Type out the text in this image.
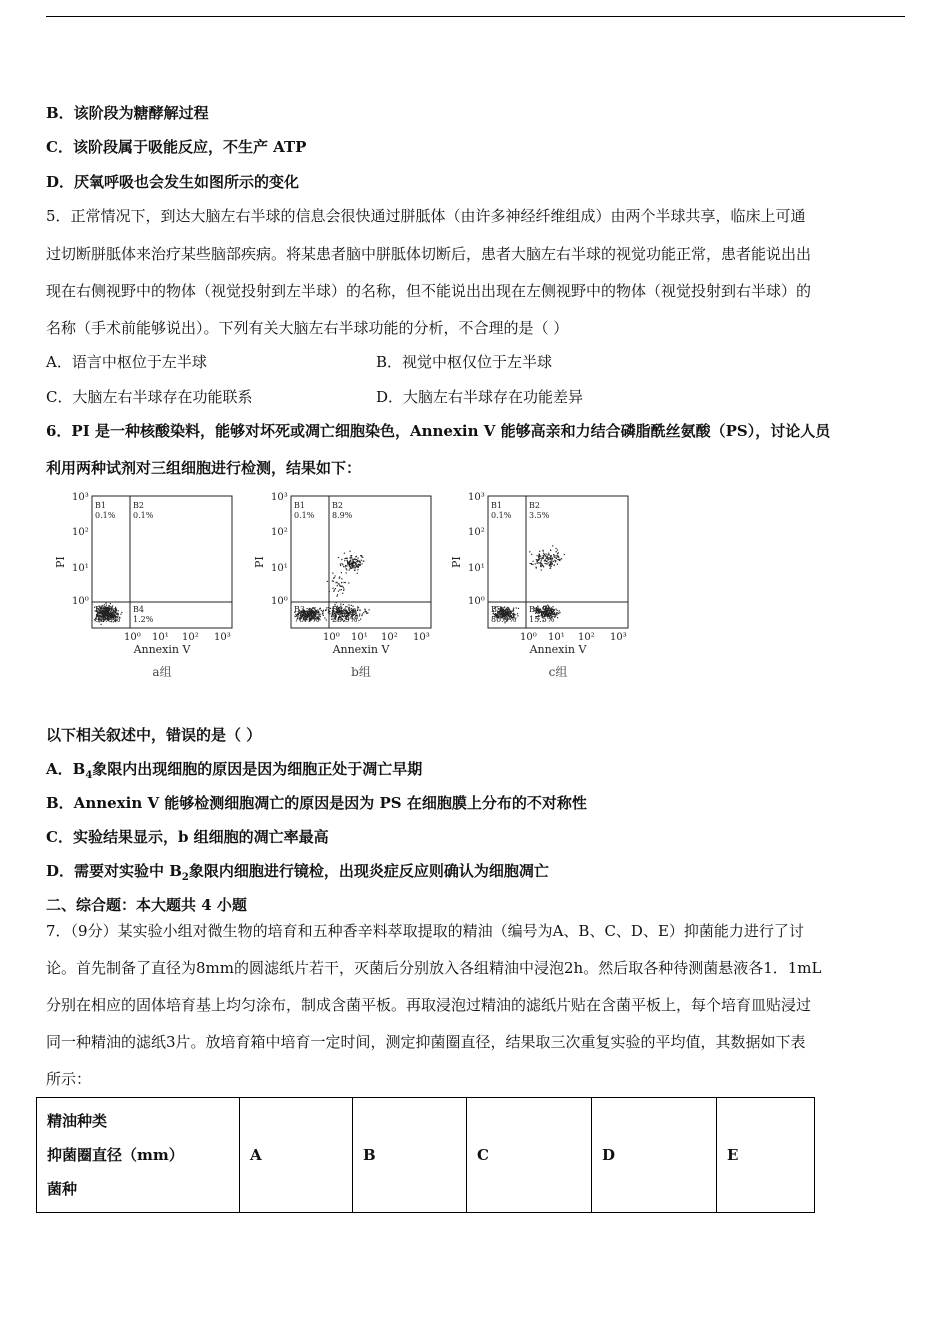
B．该阶段为糖酵解过程
C．该阶段属于吸能反应，不生产 ATP
D．厌氧呼吸也会发生如图所示的变化
5．正常情况下，到达大脑左右半球的信息会很快通过胼胝体（由许多神经纤维组成）由两个半球共享，临床上可通
过切断胼胝体来治疗某些脑部疾病。将某患者脑中胼胝体切断后，患者大脑左右半球的视觉功能正常，患者能说出出
现在右侧视野中的物体（视觉投射到左半球）的名称，但不能说出出现在左侧视野中的物体（视觉投射到右半球）的
名称（手术前能够说出）。下列有关大脑左右半球功能的分析，不合理的是（ ）
A．语言中枢位于左半球	B．视觉中枢仅位于左半球
C．大脑左右半球存在功能联系	D．大脑左右半球存在功能差异
6．PI 是一种核酸染料，能够对坏死或凋亡细胞染色，Annexin V 能够高亲和力结合磷脂酰丝氨酸（PS），讨论人员
利用两种试剂对三组细胞进行检测，结果如下：
B1
0.1%
B2
0.1%
B3
98.6%
B4
1.2%
10³
10²
10¹
10⁰
10⁰ 10¹ 10² 10³
PI
Annexin V
a组
B1
0.1%
B2
8.9%
B3
70.1%
B4
20.9%
10³
10²
10¹
10⁰
10⁰ 10¹ 10² 10³
PI
Annexin V
b组
B1
0.1%
B2
3.5%
B3
80.9%
B4
15.5%
10³
10²
10¹
10⁰
10⁰ 10¹ 10² 10³
PI
Annexin V
c组
以下相关叙述中，错误的是（ ）
A．$B_4$象限内出现细胞的原因是因为细胞正处于凋亡早期
B．Annexin V 能够检测细胞凋亡的原因是因为 PS 在细胞膜上分布的不对称性
C．实验结果显示，b 组细胞的凋亡率最高
D．需要对实验中 $B_2$象限内细胞进行镜检，出现炎症反应则确认为细胞凋亡
二、综合题：本大题共 4 小题
7．（9分）某实验小组对微生物的培育和五种香辛料萃取提取的精油（编号为A、B、C、D、E）抑菌能力进行了讨
论。首先制备了直径为8mm的圆滤纸片若干，灭菌后分别放入各组精油中浸泡2h。然后取各种待测菌悬液各1．1mL
分别在相应的固体培育基上均匀涂布，制成含菌平板。再取浸泡过精油的滤纸片贴在含菌平板上，每个培育皿贴浸过
同一种精油的滤纸3片。放培育箱中培育一定时间，测定抑菌圈直径，结果取三次重复实验的平均值，其数据如下表
所示：
精油种类
抑菌圈直径（mm）
菌种
	A	B	C	D	E
